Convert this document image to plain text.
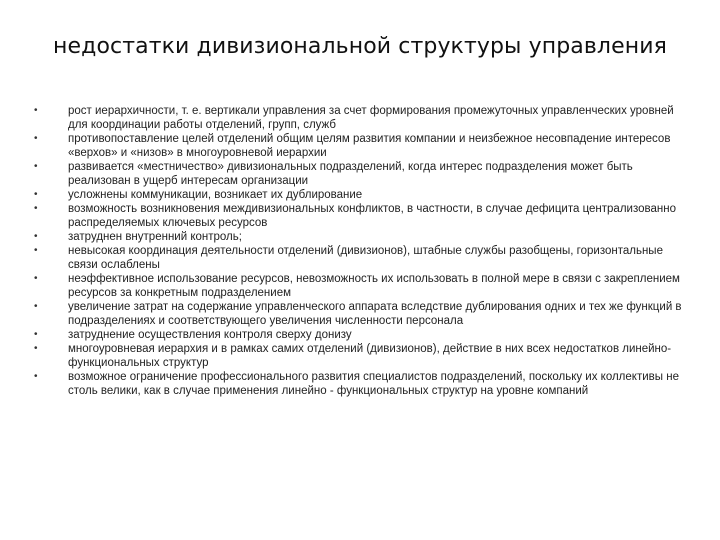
недостатки дивизиональной структуры управления
•	рост иерархичности, т. е. вертикали управления за счет формирования промежуточных управленческих уровней для координации работы отделений, групп, служб
•	противопоставление целей отделений общим целям развития компании и неизбежное несовпадение интересов «верхов» и «низов» в многоуровневой иерархии
•	развивается «местничество» дивизиональных подразделений, когда интерес подразделения может быть реализован в ущерб интересам организации
•	усложнены коммуникации, возникает их дублирование
•	возможность возникновения междивизиональных конфликтов, в частности, в случае дефицита централизованно распределяемых ключевых ресурсов
•	затруднен внутренний контроль;
•	невысокая координация деятельности отделений (дивизионов), штабные службы разобщены, горизонтальные связи ослаблены
•	неэффективное использование ресурсов, невозможность их использовать в полной мере в связи с закреплением ресурсов за конкретным подразделением
•	увеличение затрат на содержание управленческого аппарата вследствие дублирования одних и тех же функций в подразделениях и соответствующего увеличения численности персонала
•	затруднение осуществления контроля сверху донизу
•	многоуровневая иерархия и в рамках самих отделений (дивизионов), действие в них всех недостатков линейно-функциональных структур
•	возможное ограничение профессионального развития специалистов подразделений, поскольку их коллективы не столь велики, как в случае применения линейно - функциональных структур на уровне компаний
